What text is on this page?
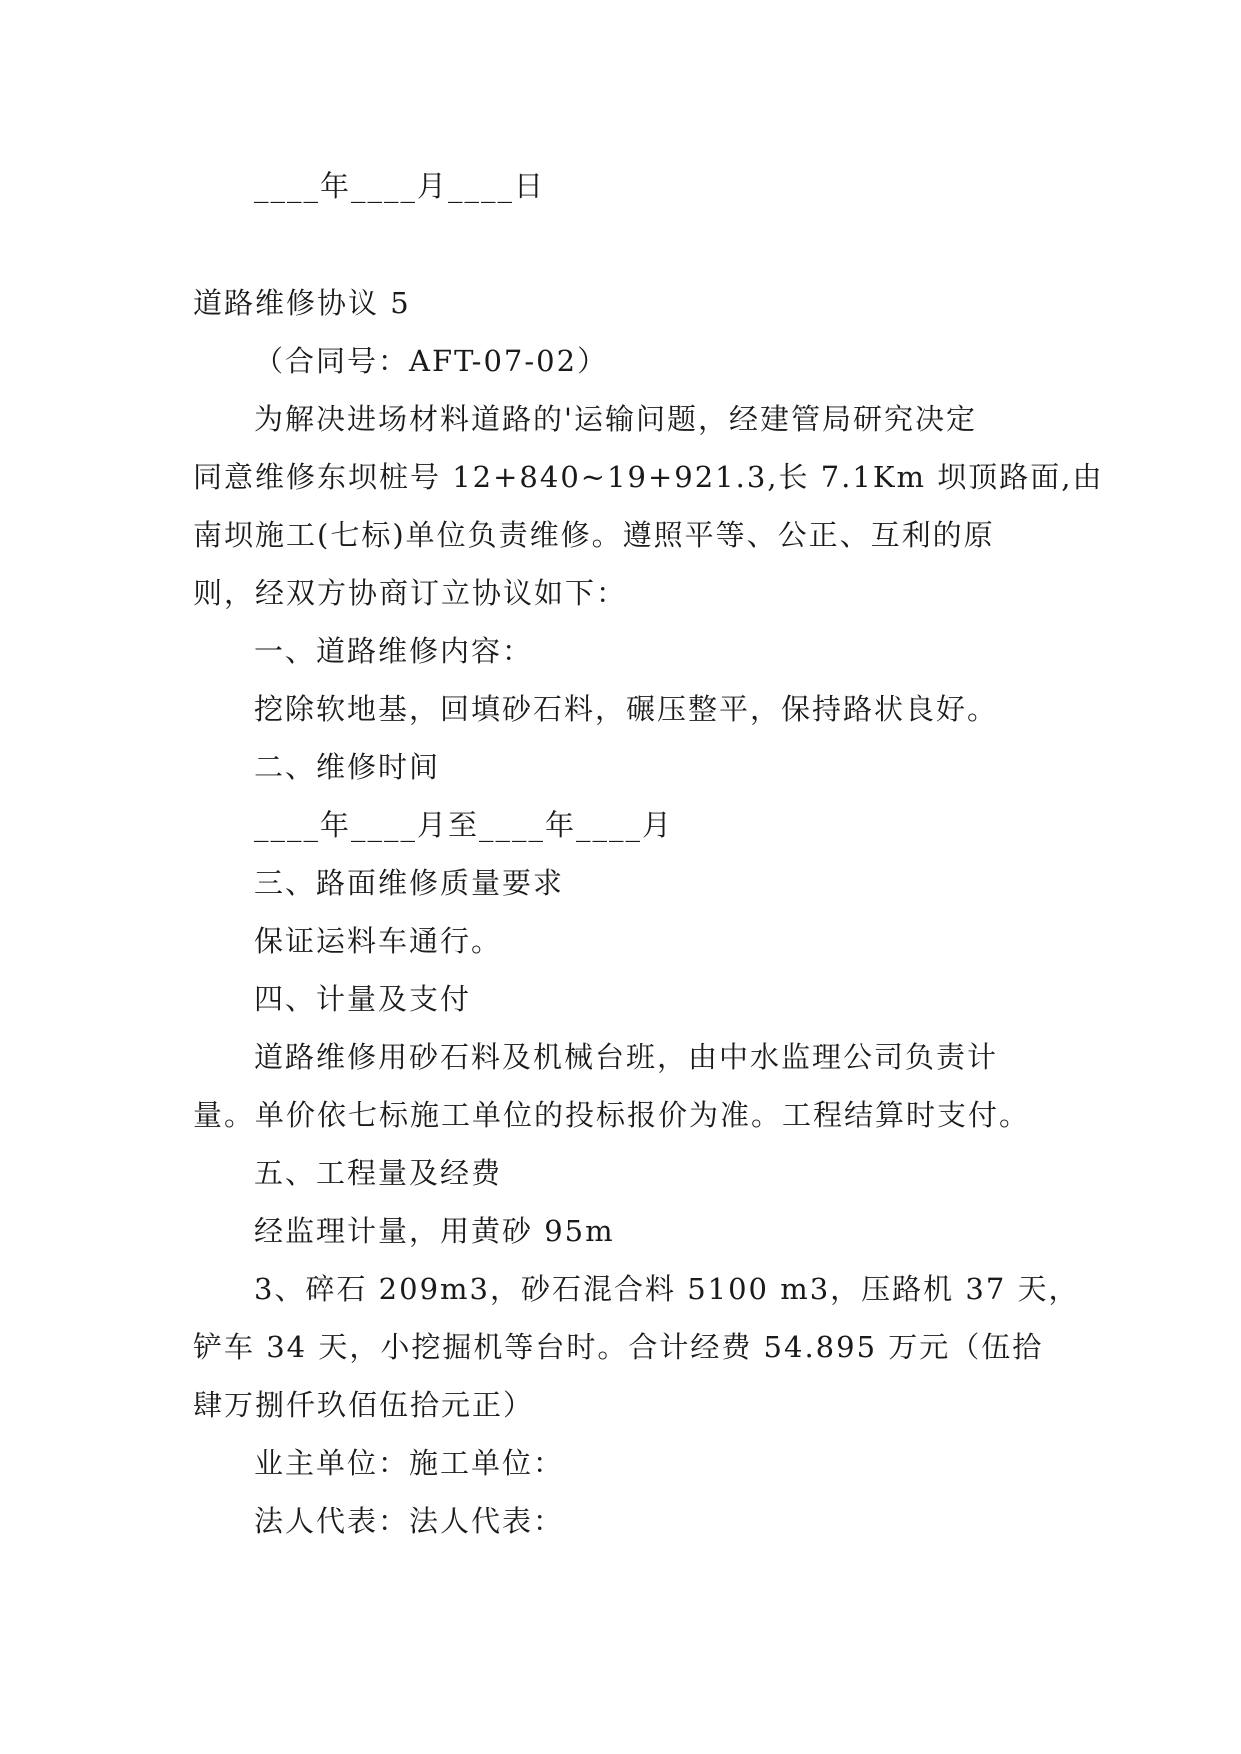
____年____月____日
道路维修协议 5
（合同号：AFT-07-02）
为解决进场材料道路的'运输问题，经建管局研究决定
同意维修东坝桩号 12+840~19+921.3,长 7.1Km 坝顶路面,由
南坝施工(七标)单位负责维修。遵照平等、公正、互利的原
则，经双方协商订立协议如下：
一、道路维修内容：
挖除软地基，回填砂石料，碾压整平，保持路状良好。
二、维修时间
____年____月至____年____月
三、路面维修质量要求
保证运料车通行。
四、计量及支付
道路维修用砂石料及机械台班，由中水监理公司负责计
量。单价依七标施工单位的投标报价为准。工程结算时支付。
五、工程量及经费
经监理计量，用黄砂 95m
3、碎石 209m3，砂石混合料 5100 m3，压路机 37 天，
铲车 34 天，小挖掘机等台时。合计经费 54.895 万元（伍拾
肆万捌仟玖佰伍拾元正）
业主单位：施工单位：
法人代表：法人代表：
